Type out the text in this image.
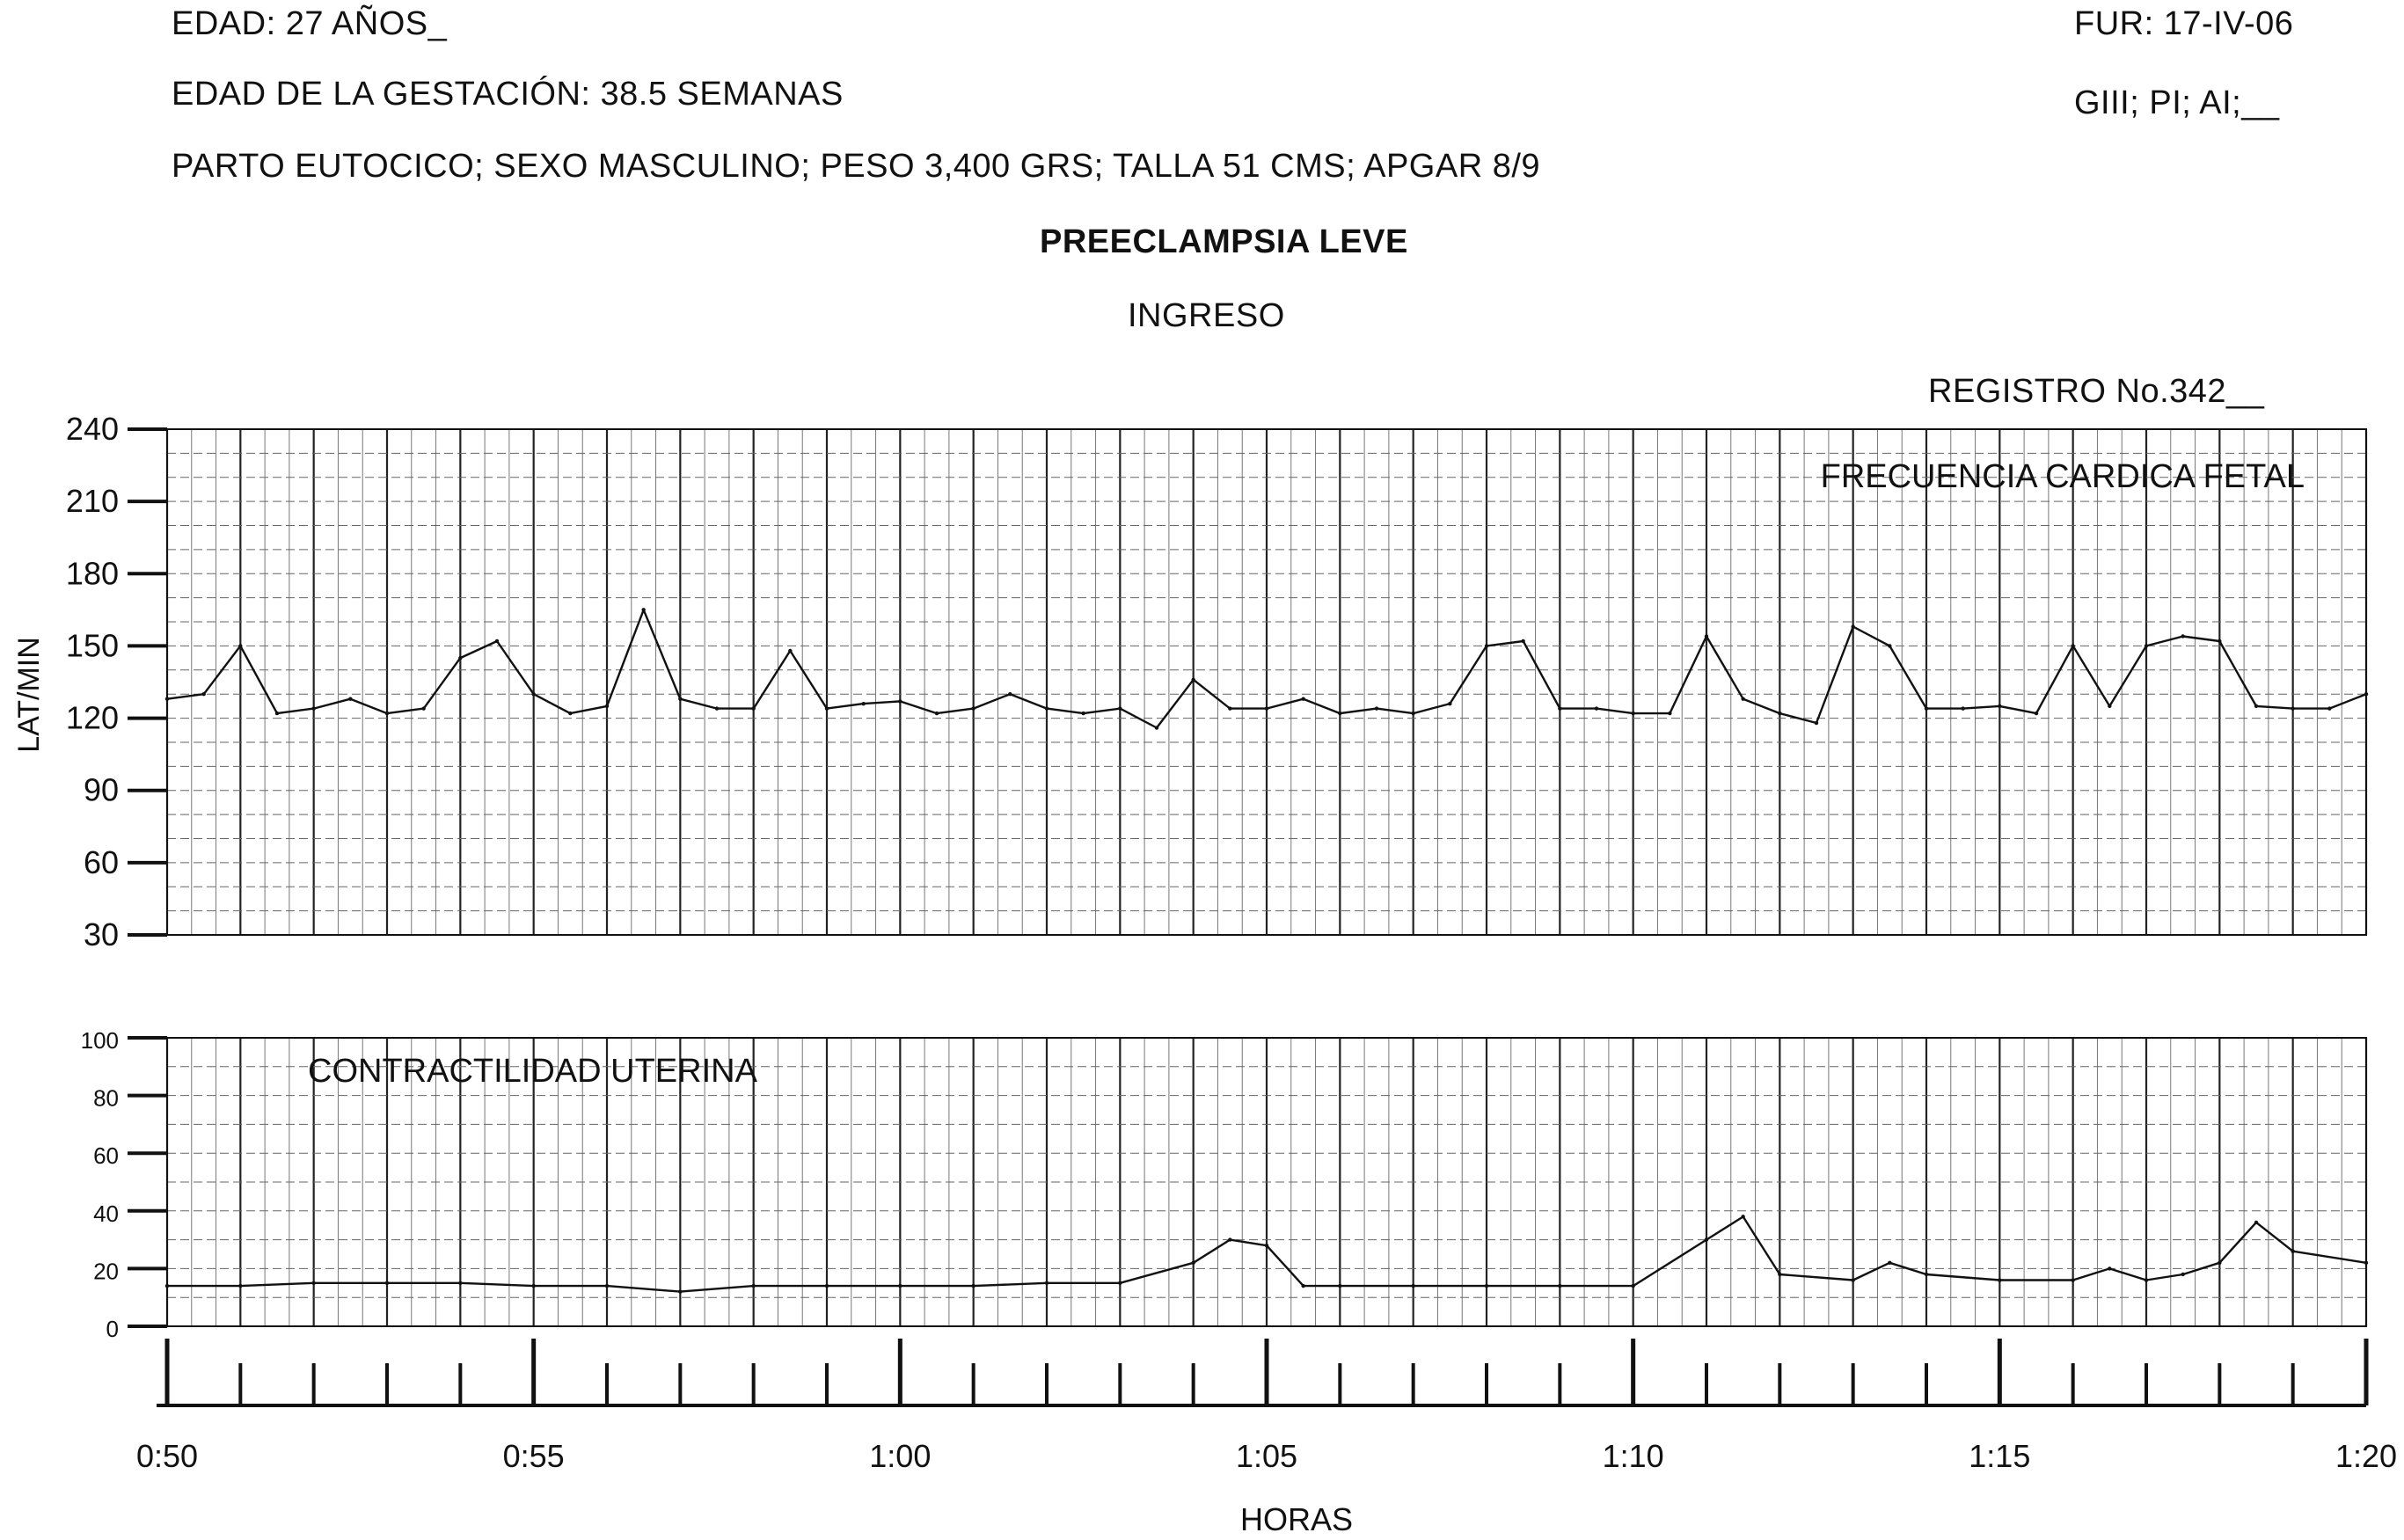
EDAD: 27 AÑOS_
EDAD DE LA GESTACIÓN: 38.5 SEMANAS
PARTO EUTOCICO; SEXO MASCULINO; PESO 3,400 GRS; TALLA 51 CMS; APGAR 8/9
FUR: 17-IV-06
GIII; PI; AI;__
PREECLAMPSIA LEVE
INGRESO
REGISTRO No.342__
240
210
180
150
120
90
60
30
FRECUENCIA CARDICA FETAL
LAT/MIN
100
80
60
40
20
0
CONTRACTILIDAD UTERINA
0:50	0:55	1:00	1:05	1:10	1:15	1:20
HORAS
